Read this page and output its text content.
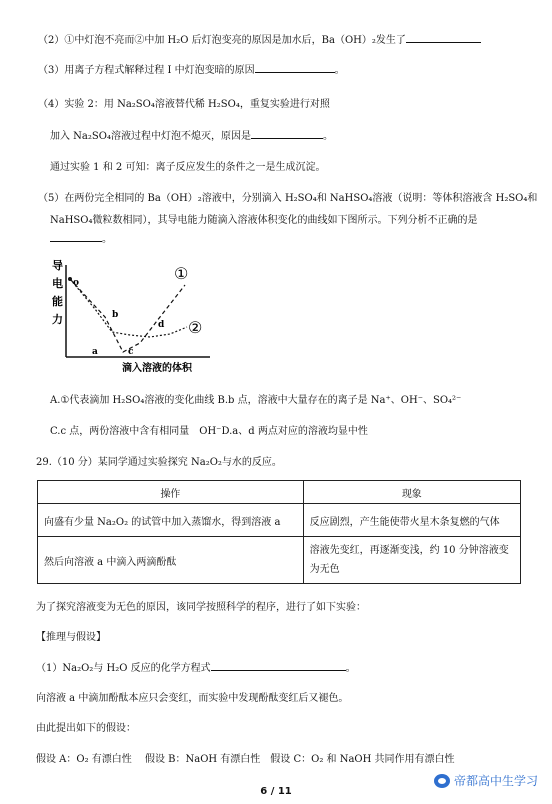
（2）①中灯泡不亮而②中加 H₂O 后灯泡变亮的原因是加水后，Ba（OH）₂发生了
（3）用离子方程式解释过程 I 中灯泡变暗的原因	。
（4）实验 2：用 Na₂SO₄溶液替代稀 H₂SO₄，重复实验进行对照
加入 Na₂SO₄溶液过程中灯泡不熄灭，原因是	。
通过实验 1 和 2 可知：离子反应发生的条件之一是生成沉淀。
（5）在两份完全相同的 Ba（OH）₂溶液中，分别滴入 H₂SO₄和 NaHSO₄溶液（说明：等体积溶液含 H₂SO₄和
NaHSO₄微粒数相同），其导电能力随滴入溶液体积变化的曲线如下图所示。下列分析不正确的是
。
导
电
能
力
o
a
b
c
d
①
②
滴入溶液的体积
A.①代表滴加 H₂SO₄溶液的变化曲线 B.b 点，溶液中大量存在的离子是 Na⁺、OH⁻、SO₄²⁻
C.c 点，两份溶液中含有相同量　OH⁻D.a、d 两点对应的溶液均显中性
29.（10 分）某同学通过实验探究 Na₂O₂与水的反应。
操作	现象
向盛有少量 Na₂O₂ 的试管中加入蒸馏水，得到溶液 a	反应剧烈，产生能使带火星木条复燃的气体
然后向溶液 a 中滴入两滴酚酞	溶液先变红，再逐渐变浅，约 10 分钟溶液变为无色
为了探究溶液变为无色的原因，该同学按照科学的程序，进行了如下实验：
【推理与假设】
（1）Na₂O₂与 H₂O 反应的化学方程式	。
向溶液 a 中滴加酚酞本应只会变红，而实验中发现酚酞变红后又褪色。
由此提出如下的假设：
假设 A：O₂ 有漂白性　 假设 B：NaOH 有漂白性　假设 C：O₂ 和 NaOH 共同作用有漂白性
6 / 11
帝都高中生学习
